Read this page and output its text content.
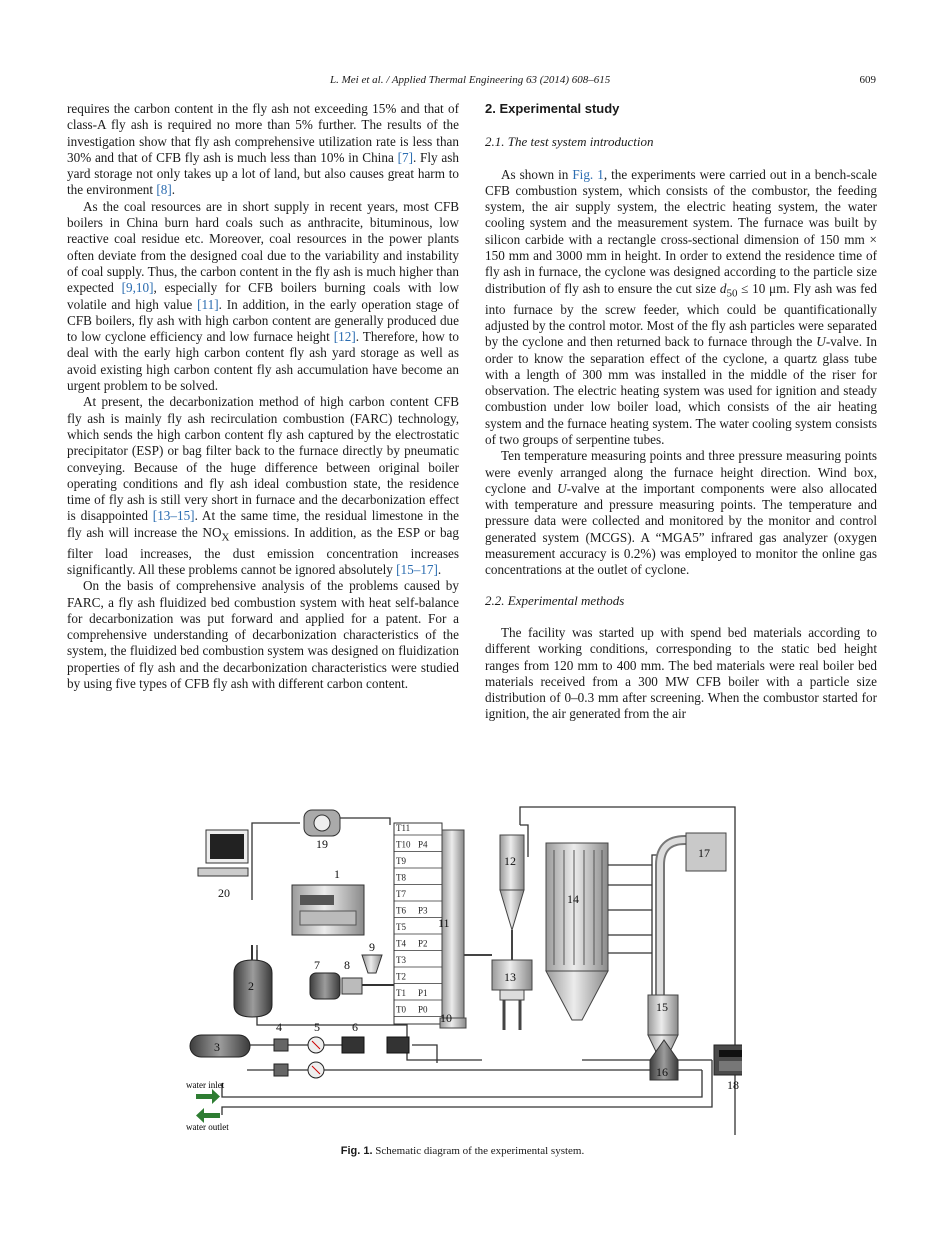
L. Mei et al. / Applied Thermal Engineering 63 (2014) 608–615	609

requires the carbon content in the fly ash not exceeding 15% and that of class-A fly ash is required no more than 5% further. The results of the investigation show that fly ash comprehensive utilization rate is less than 30% and that of CFB fly ash is much less than 10% in China [7]. Fly ash yard storage not only takes up a lot of land, but also causes great harm to the environment [8].

As the coal resources are in short supply in recent years, most CFB boilers in China burn hard coals such as anthracite, bituminous, low reactive coal residue etc. Moreover, coal resources in the power plants often deviate from the designed coal due to the variability and instability of coal supply. Thus, the carbon content in the fly ash is much higher than expected [9,10], especially for CFB boilers burning coals with low volatile and high value [11]. In addition, in the early operation stage of CFB boilers, fly ash with high carbon content are generally produced due to low cyclone efficiency and low furnace height [12]. Therefore, how to deal with the early high carbon content fly ash yard storage as well as avoid existing high carbon content fly ash accumulation have become an urgent problem to be solved.

At present, the decarbonization method of high carbon content CFB fly ash is mainly fly ash recirculation combustion (FARC) technology, which sends the high carbon content fly ash captured by the electrostatic precipitator (ESP) or bag filter back to the furnace directly by pneumatic conveying. Because of the huge difference between original boiler operating conditions and fly ash ideal combustion state, the residence time of fly ash is still very short in furnace and the decarbonization effect is disappointed [13–15]. At the same time, the residual limestone in the fly ash will increase the $NO_X$ emissions. In addition, as the ESP or bag filter load increases, the dust emission concentration increases significantly. All these problems cannot be ignored absolutely [15–17].

On the basis of comprehensive analysis of the problems caused by FARC, a fly ash fluidized bed combustion system with heat self-balance for decarbonization was put forward and applied for a patent. For a comprehensive understanding of decarbonization characteristics of the system, the fluidized bed combustion system was designed on fluidization properties of fly ash and the decarbonization characteristics were studied by using five types of CFB fly ash with different carbon content.

2. Experimental study
2.1. The test system introduction

As shown in Fig. 1, the experiments were carried out in a bench-scale CFB combustion system, which consists of the combustor, the feeding system, the air supply system, the electric heating system, the water cooling system and the measurement system. The furnace was built by silicon carbide with a rectangle cross-sectional dimension of 150 mm × 150 mm and 3000 mm in height. In order to extend the residence time of fly ash in furnace, the cyclone was designed according to the particle size distribution of fly ash to ensure the cut size $d_{50} \le 10$ μm. Fly ash was fed into furnace by the screw feeder, which could be quantificationally adjusted by the control motor. Most of the fly ash particles were separated by the cyclone and then returned back to furnace through the U-valve. In order to know the separation effect of the cyclone, a quartz glass tube with a length of 300 mm was installed in the middle of the riser for observation. The electric heating system was used for ignition and steady combustion under low boiler load, which consists of the air heating system and the furnace heating system. The water cooling system consists of two groups of serpentine tubes.

Ten temperature measuring points and three pressure measuring points were evenly arranged along the furnace height direction. Wind box, cyclone and U-valve at the important components were also allocated with temperature and pressure measuring points. The temperature and pressure data were collected and monitored by the monitor and control generated system (MCGS). A “MGA5” infrared gas analyzer (oxygen measurement accuracy is 0.2%) was employed to monitor the online gas concentrations at the outlet of cyclone.

2.2. Experimental methods

The facility was started up with spend bed materials according to different working conditions, corresponding to the static bed height ranges from 120 mm to 400 mm. The bed materials were real boiler bed materials received from a 300 MW CFB boiler with a particle size distribution of 0–0.3 mm after screening. When the combustor started for ignition, the air generated from the air

T11
T10
T9
T8
T7
T6
T5
T4
T3
T2
T1
T0
P4
P3
P2
P1
P0
water inlet
water outlet
1
2
3
4	5	6
7 8
9
10
11
12
13
14
15
16
17
18
19
20
Fig. 1. Schematic diagram of the experimental system.
